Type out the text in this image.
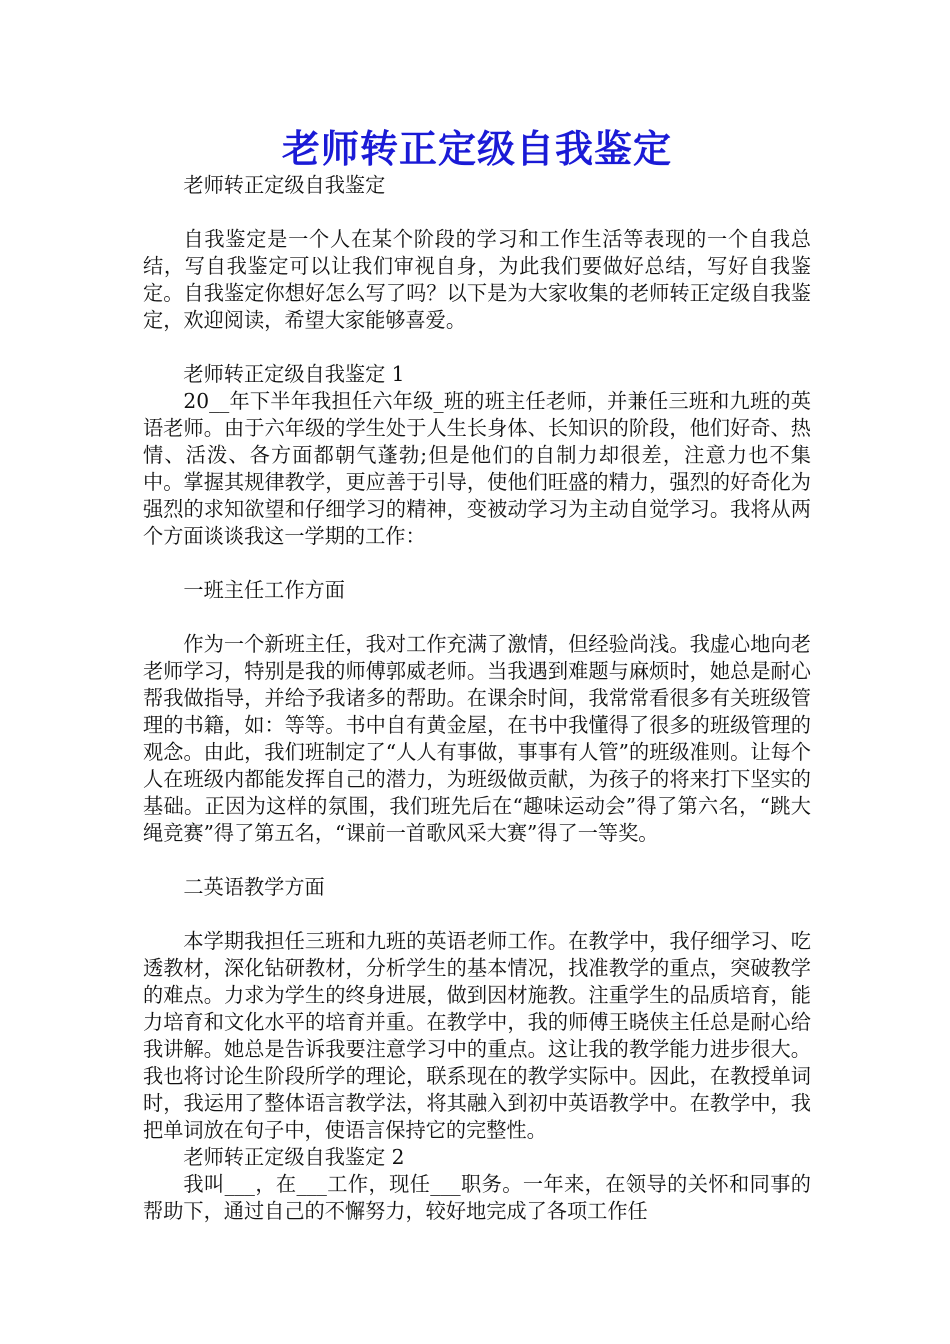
老师转正定级自我鉴定

老师转正定级自我鉴定

自我鉴定是一个人在某个阶段的学习和工作生活等表现的一个自我总结，写自我鉴定可以让我们审视自身，为此我们要做好总结，写好自我鉴定。自我鉴定你想好怎么写了吗？以下是为大家收集的老师转正定级自我鉴定，欢迎阅读，希望大家能够喜爱。

老师转正定级自我鉴定 1

20__年下半年我担任六年级_班的班主任老师，并兼任三班和九班的英语老师。由于六年级的学生处于人生长身体、长知识的阶段，他们好奇、热情、活泼、各方面都朝气蓬勃;但是他们的自制力却很差，注意力也不集中。掌握其规律教学，更应善于引导，使他们旺盛的精力，强烈的好奇化为强烈的求知欲望和仔细学习的精神，变被动学习为主动自觉学习。我将从两个方面谈谈我这一学期的工作：

一班主任工作方面

作为一个新班主任，我对工作充满了激情，但经验尚浅。我虚心地向老老师学习，特别是我的师傅郭威老师。当我遇到难题与麻烦时，她总是耐心帮我做指导，并给予我诸多的帮助。在课余时间，我常常看很多有关班级管理的书籍，如：等等。书中自有黄金屋，在书中我懂得了很多的班级管理的观念。由此，我们班制定了“人人有事做，事事有人管”的班级准则。让每个人在班级内都能发挥自己的潜力，为班级做贡献，为孩子的将来打下坚实的基础。正因为这样的氛围，我们班先后在“趣味运动会”得了第六名，“跳大绳竞赛”得了第五名，“课前一首歌风采大赛”得了一等奖。

二英语教学方面

本学期我担任三班和九班的英语老师工作。在教学中，我仔细学习、吃透教材，深化钻研教材，分析学生的基本情况，找准教学的重点，突破教学的难点。力求为学生的终身进展，做到因材施教。注重学生的品质培育，能力培育和文化水平的培育并重。在教学中，我的师傅王晓侠主任总是耐心给我讲解。她总是告诉我要注意学习中的重点。这让我的教学能力进步很大。我也将讨论生阶段所学的理论，联系现在的教学实际中。因此，在教授单词时，我运用了整体语言教学法，将其融入到初中英语教学中。在教学中，我把单词放在句子中，使语言保持它的完整性。

老师转正定级自我鉴定 2

我叫___，在___工作，现任___职务。一年来，在领导的关怀和同事的帮助下，通过自己的不懈努力，较好地完成了各项工作任
